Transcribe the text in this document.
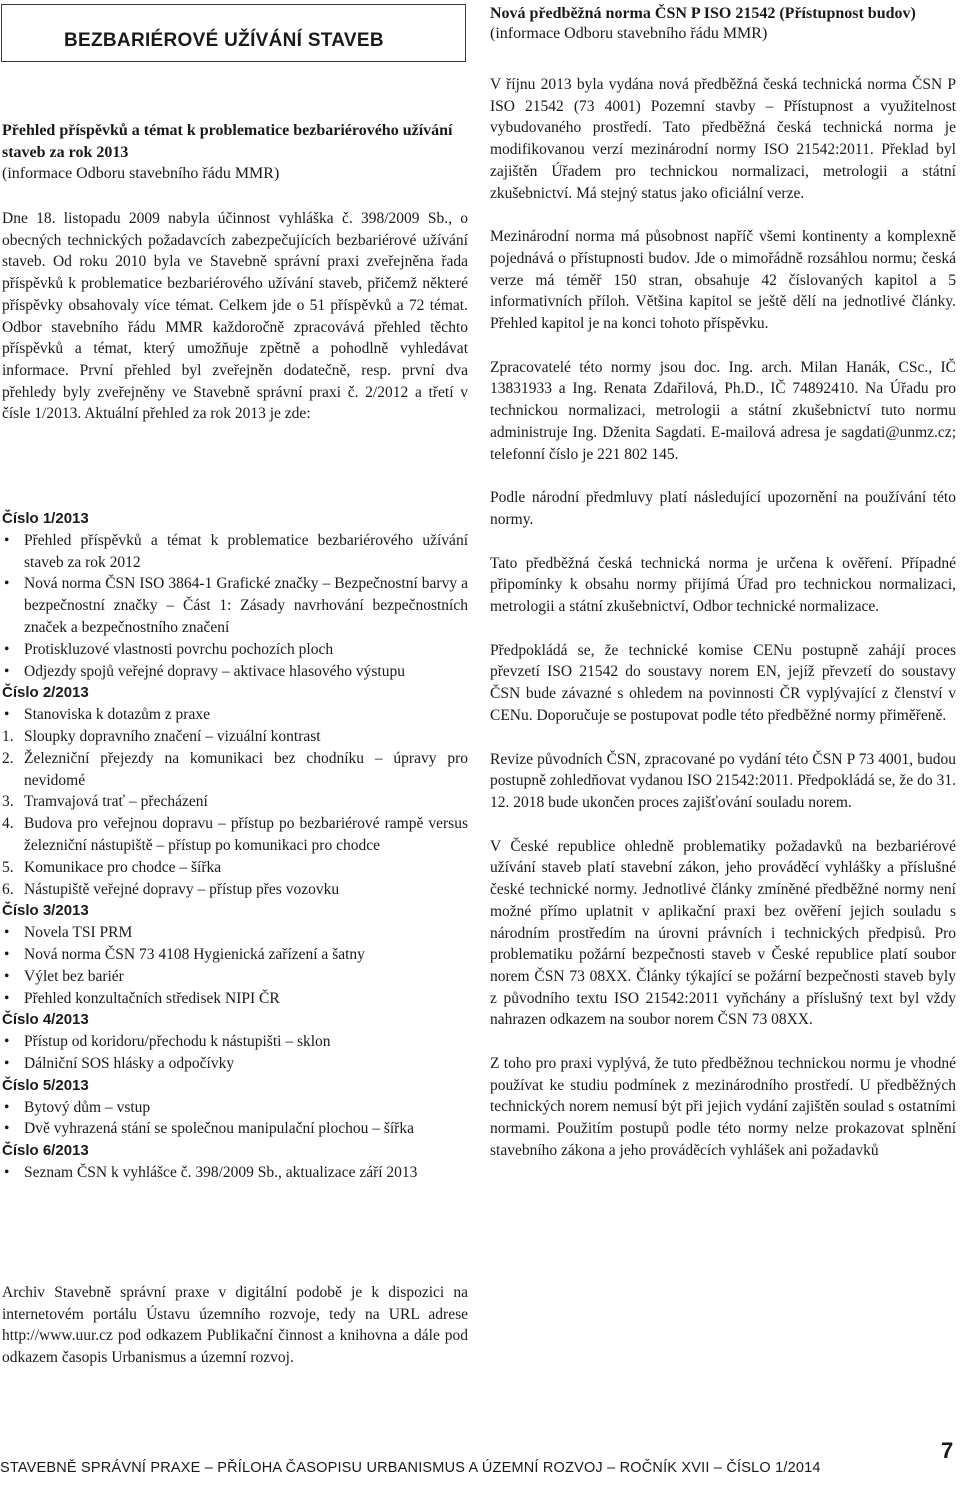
BEZBARIÉROVÉ UŽÍVÁNÍ STAVEB
Přehled příspěvků a témat k problematice bezbariérového užívání staveb za rok 2013
(informace Odboru stavebního řádu MMR)

Dne 18. listopadu 2009 nabyla účinnost vyhláška č. 398/2009 Sb., o obecných technických požadavcích zabezpečujících bezbariérové užívání staveb. Od roku 2010 byla ve Stavebně správní praxi zveřejněna řada příspěvků k problematice bezbariérového užívání staveb, přičemž některé příspěvky obsahovaly více témat. Celkem jde o 51 příspěvků a 72 témat. Odbor stavebního řádu MMR každoročně zpracovává přehled těchto příspěvků a témat, který umožňuje zpětně a pohodlně vyhledávat informace. První přehled byl zveřejněn dodatečně, resp. první dva přehledy byly zveřejněny ve Stavebně správní praxi č. 2/2012 a třetí v čísle 1/2013. Aktuální přehled za rok 2013 je zde:

Číslo 1/2013
• Přehled příspěvků a témat k problematice bezbariérového užívání staveb za rok 2012
• Nová norma ČSN ISO 3864-1 Grafické značky – Bezpečnostní barvy a bezpečnostní značky – Část 1: Zásady navrhování bezpečnostních značek a bezpečnostního značení
• Protiskluzové vlastnosti povrchu pochozích ploch
• Odjezdy spojů veřejné dopravy – aktivace hlasového výstupu
Číslo 2/2013
• Stanoviska k dotazům z praxe
1. Sloupky dopravního značení – vizuální kontrast
2. Železniční přejezdy na komunikaci bez chodníku – úpravy pro nevidomé
3. Tramvajová trať – přecházení
4. Budova pro veřejnou dopravu – přístup po bezbariérové rampě versus železniční nástupiště – přístup po komunikaci pro chodce
5. Komunikace pro chodce – šířka
6. Nástupiště veřejné dopravy – přístup přes vozovku
Číslo 3/2013
• Novela TSI PRM
• Nová norma ČSN 73 4108 Hygienická zařízení a šatny
• Výlet bez bariér
• Přehled konzultačních středisek NIPI ČR
Číslo 4/2013
• Přístup od koridoru/přechodu k nástupišti – sklon
• Dálniční SOS hlásky a odpočívky
Číslo 5/2013
• Bytový dům – vstup
• Dvě vyhrazená stání se společnou manipulační plochou – šířka
Číslo 6/2013
• Seznam ČSN k vyhlášce č. 398/2009 Sb., aktualizace září 2013

Archiv Stavebně správní praxe v digitální podobě je k dispozici na internetovém portálu Ústavu územního rozvoje, tedy na URL adrese http://www.uur.cz pod odkazem Publikační činnost a knihovna a dále pod odkazem časopis Urbanismus a územní rozvoj.

Nová předběžná norma ČSN P ISO 21542 (Přístupnost budov)
(informace Odboru stavebního řádu MMR)

V říjnu 2013 byla vydána nová předběžná česká technická norma ČSN P ISO 21542 (73 4001) Pozemní stavby – Přístupnost a využitelnost vybudovaného prostředí. Tato předběžná česká technická norma je modifikovanou verzí mezinárodní normy ISO 21542:2011. Překlad byl zajištěn Úřadem pro technickou normalizaci, metrologii a státní zkušebnictví. Má stejný status jako oficiální verze.

Mezinárodní norma má působnost napříč všemi kontinenty a komplexně pojednává o přístupnosti budov. Jde o mimořádně rozsáhlou normu; česká verze má téměř 150 stran, obsahuje 42 číslovaných kapitol a 5 informativních příloh. Většina kapitol se ještě dělí na jednotlivé články. Přehled kapitol je na konci tohoto příspěvku.

Zpracovatelé této normy jsou doc. Ing. arch. Milan Hanák, CSc., IČ 13831933 a Ing. Renata Zdařilová, Ph.D., IČ 74892410. Na Úřadu pro technickou normalizaci, metrologii a státní zkušebnictví tuto normu administruje Ing. Dženita Sagdati. E-mailová adresa je sagdati@unmz.cz; telefonní číslo je 221 802 145.

Podle národní předmluvy platí následující upozornění na používání této normy.

Tato předběžná česká technická norma je určena k ověření. Případné připomínky k obsahu normy přijímá Úřad pro technickou normalizaci, metrologii a státní zkušebnictví, Odbor technické normalizace.

Předpokládá se, že technické komise CENu postupně zahájí proces převzetí ISO 21542 do soustavy norem EN, jejíž převzetí do soustavy ČSN bude závazné s ohledem na povinnosti ČR vyplývající z členství v CENu. Doporučuje se postupovat podle této předběžné normy přiměřeně.

Revize původních ČSN, zpracované po vydání této ČSN P 73 4001, budou postupně zohledňovat vydanou ISO 21542:2011. Předpokládá se, že do 31. 12. 2018 bude ukončen proces zajišťování souladu norem.

V České republice ohledně problematiky požadavků na bezbariérové užívání staveb platí stavební zákon, jeho prováděcí vyhlášky a příslušné české technické normy. Jednotlivé články zmíněné předběžné normy není možné přímo uplatnit v aplikační praxi bez ověření jejich souladu s národním prostředím na úrovni právních i technických předpisů. Pro problematiku požární bezpečnosti staveb v České republice platí soubor norem ČSN 73 08XX. Články týkající se požární bezpečnosti staveb byly z původního textu ISO 21542:2011 vyňchány a příslušný text byl vždy nahrazen odkazem na soubor norem ČSN 73 08XX.

Z toho pro praxi vyplývá, že tuto předběžnou technickou normu je vhodné používat ke studiu podmínek z mezinárodního prostředí. U předběžných technických norem nemusí být při jejich vydání zajištěn soulad s ostatními normami. Použitím postupů podle této normy nelze prokazovat splnění stavebního zákona a jeho prováděcích vyhlášek ani požadavků

STAVEBNĚ SPRÁVNÍ PRAXE – PŘÍLOHA ČASOPISU URBANISMUS A ÚZEMNÍ ROZVOJ – ROČNÍK XVII – ČÍSLO 1/2014
7
